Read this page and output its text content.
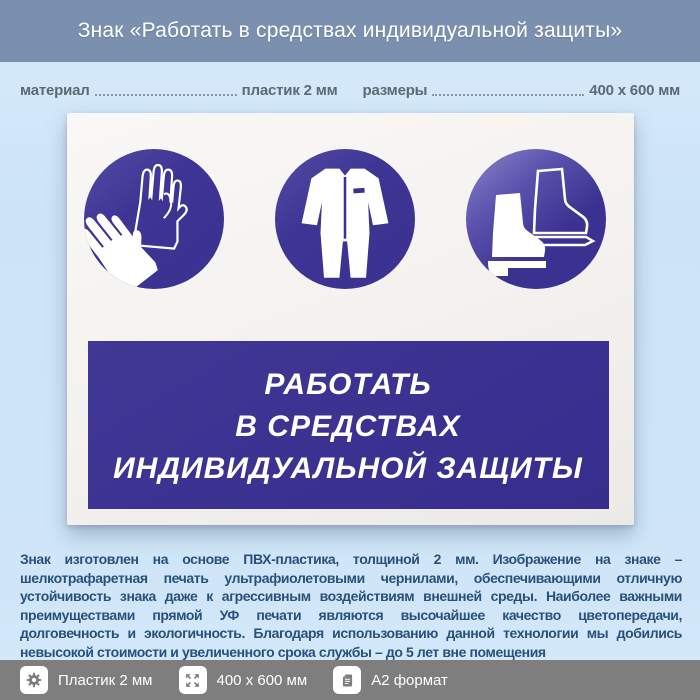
Знак «Работать в средствах индивидуальной защиты»
материал	пластик 2 мм размеры	400 x 600 мм
РАБОТАТЬ
В СРЕДСТВАХ
ИНДИВИДУАЛЬНОЙ ЗАЩИТЫ

Знак изготовлен на основе ПВХ-пластика, толщиной 2 мм. Изображение на знаке – шелкотрафаретная печать ультрафиолетовыми чернилами, обеспечивающими отличную устойчивость знака даже к агрессивным воздействиям внешней среды. Наиболее важными преимуществами прямой УФ печати являются высочайшее качество цветопередачи, долговечность и экологичность. Благодаря использованию данной технологии мы добились невысокой стоимости и увеличенного срока службы – до 5 лет вне помещения

Пластик 2 мм	400 x 600 мм	А2 формат
